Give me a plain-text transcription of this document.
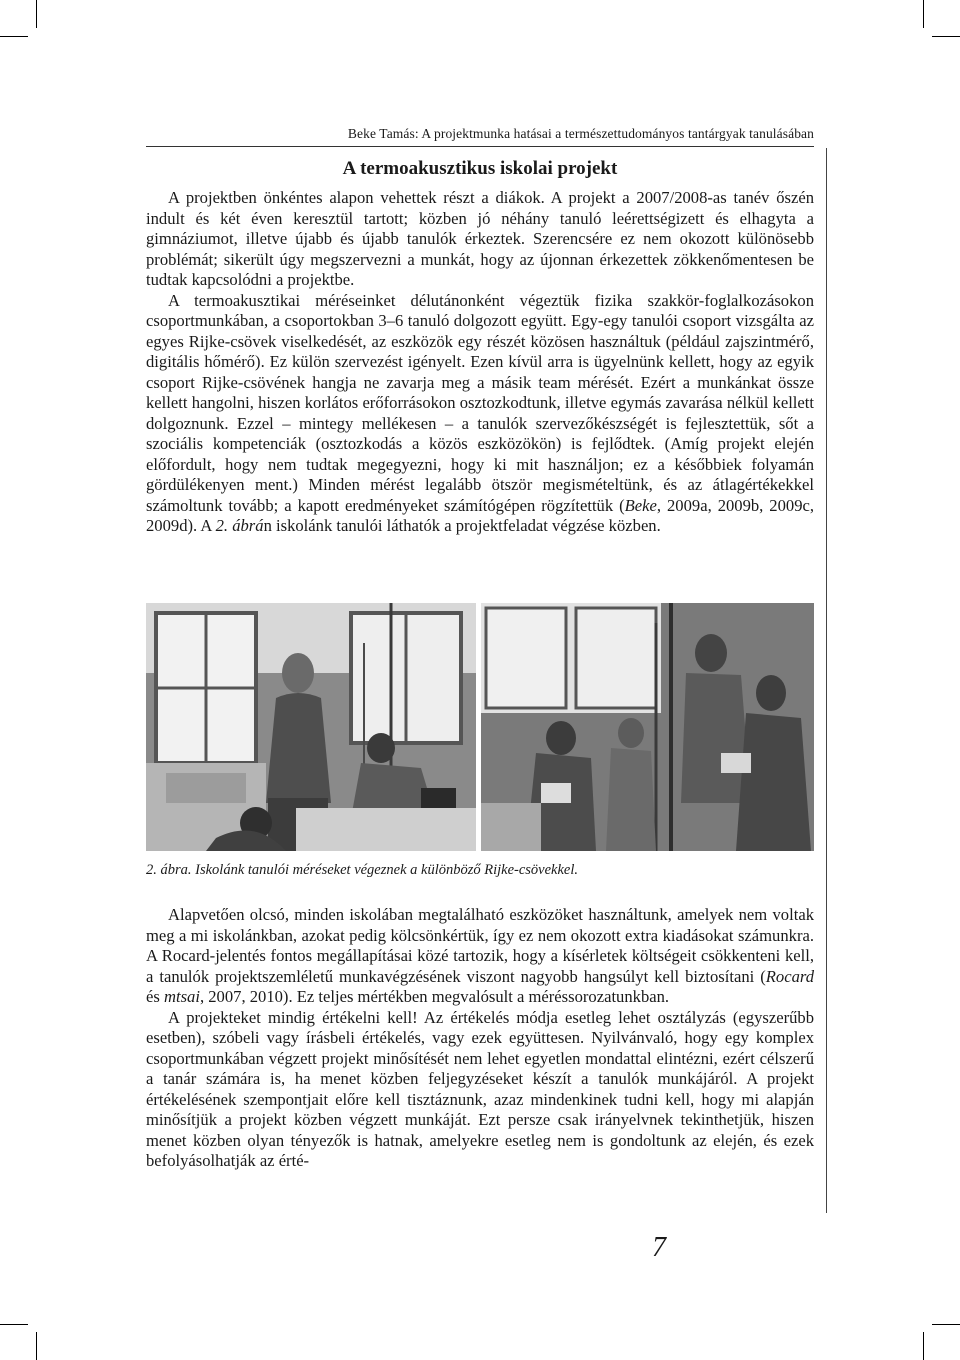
Beke Tamás: A projektmunka hatásai a természettudományos tantárgyak tanulásában
A termoakusztikus iskolai projekt

A projektben önkéntes alapon vehettek részt a diákok. A projekt a 2007/2008-as tanév őszén indult és két éven keresztül tartott; közben jó néhány tanuló leérettségizett és elhagyta a gimnáziumot, illetve újabb és újabb tanulók érkeztek. Szerencsére ez nem okozott különösebb problémát; sikerült úgy megszervezni a munkát, hogy az újonnan érkezettek zökkenőmentesen be tudtak kapcsolódni a projektbe.

A termoakusztikai méréseinket délutánonként végeztük fizika szakkör-foglalkozásokon csoportmunkában, a csoportokban 3–6 tanuló dolgozott együtt. Egy-egy tanulói csoport vizsgálta az egyes Rijke-csövek viselkedését, az eszközök egy részét közösen használtuk (például zajszintmérő, digitális hőmérő). Ez külön szervezést igényelt. Ezen kívül arra is ügyelnünk kellett, hogy az egyik csoport Rijke-csövének hangja ne zavarja meg a másik team mérését. Ezért a munkánkat össze kellett hangolni, hiszen korlátos erőforrásokon osztozkodtunk, illetve egymás zavarása nélkül kellett dolgoznunk. Ezzel – mintegy mellékesen – a tanulók szervezőkészségét is fejlesztettük, sőt a szociális kompetenciák (osztozkodás a közös eszközökön) is fejlődtek. (Amíg projekt elején előfordult, hogy nem tudtak megegyezni, hogy ki mit használjon; ez a későbbiek folyamán gördülékenyen ment.) Minden mérést legalább ötször megismételtünk, és az átlagértékekkel számoltunk tovább; a kapott eredményeket számítógépen rögzítettük (Beke, 2009a, 2009b, 2009c, 2009d). A 2. ábrán iskolánk tanulói láthatók a projektfeladat végzése közben.

2. ábra. Iskolánk tanulói méréseket végeznek a különböző Rijke-csövekkel.

Alapvetően olcsó, minden iskolában megtalálható eszközöket használtunk, amelyek nem voltak meg a mi iskolánkban, azokat pedig kölcsönkértük, így ez nem okozott extra kiadásokat számunkra. A Rocard-jelentés fontos megállapításai közé tartozik, hogy a kísérletek költségeit csökkenteni kell, a tanulók projektszemléletű munkavégzésének viszont nagyobb hangsúlyt kell biztosítani (Rocard és mtsai, 2007, 2010). Ez teljes mértékben megvalósult a méréssorozatunkban.

A projekteket mindig értékelni kell! Az értékelés módja esetleg lehet osztályzás (egyszerűbb esetben), szóbeli vagy írásbeli értékelés, vagy ezek együttesen. Nyilvánvaló, hogy egy komplex csoportmunkában végzett projekt minősítését nem lehet egyetlen mondattal elintézni, ezért célszerű a tanár számára is, ha menet közben feljegyzéseket készít a tanulók munkájáról. A projekt értékelésének szempontjait előre kell tisztáznunk, azaz mindenkinek tudni kell, hogy mi alapján minősítjük a projekt közben végzett munkáját. Ezt persze csak irányelvnek tekinthetjük, hiszen menet közben olyan tényezők is hatnak, amelyekre esetleg nem is gondoltunk az elején, és ezek befolyásolhatják az érté-

7
